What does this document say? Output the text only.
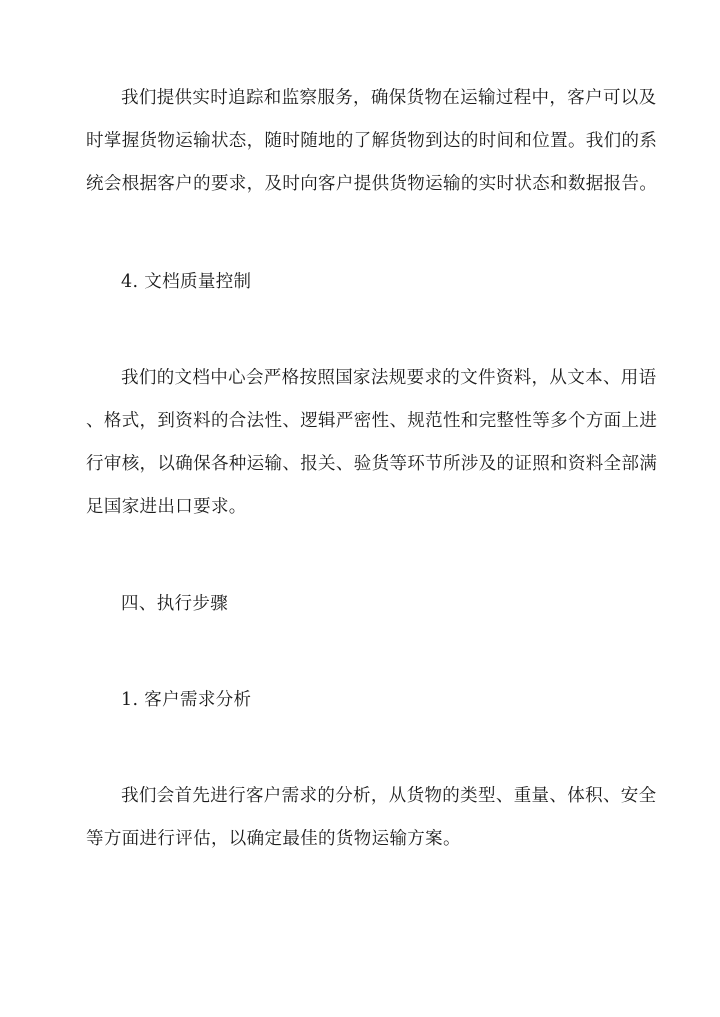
我们提供实时追踪和监察服务，确保货物在运输过程中，客户可以及
时掌握货物运输状态，随时随地的了解货物到达的时间和位置。我们的系
统会根据客户的要求，及时向客户提供货物运输的实时状态和数据报告。
4. 文档质量控制
我们的文档中心会严格按照国家法规要求的文件资料，从文本、用语
、格式，到资料的合法性、逻辑严密性、规范性和完整性等多个方面上进
行审核，以确保各种运输、报关、验货等环节所涉及的证照和资料全部满
足国家进出口要求。
四、执行步骤
1. 客户需求分析
我们会首先进行客户需求的分析，从货物的类型、重量、体积、安全
等方面进行评估，以确定最佳的货物运输方案。
